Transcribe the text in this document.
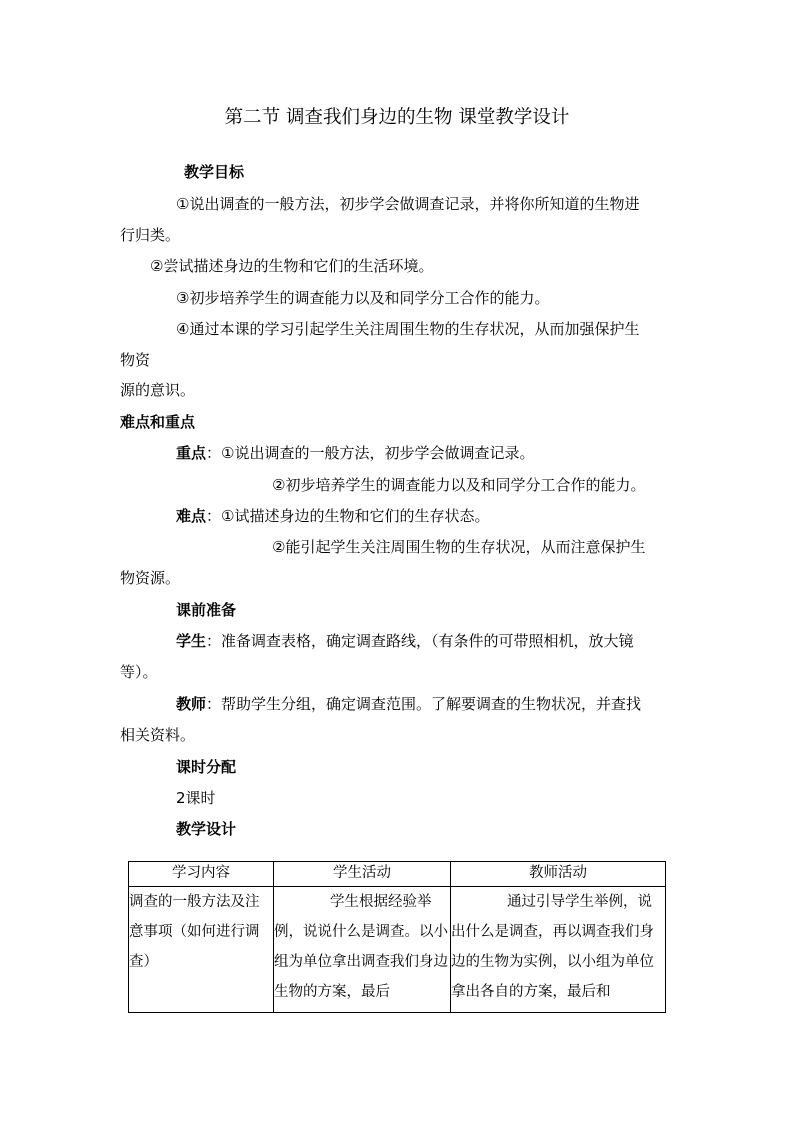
第二节 调查我们身边的生物 课堂教学设计
教学目标
①说出调查的一般方法，初步学会做调查记录，并将你所知道的生物进
行归类。
②尝试描述身边的生物和它们的生活环境。
③初步培养学生的调查能力以及和同学分工合作的能力。
④通过本课的学习引起学生关注周围生物的生存状况，从而加强保护生
物资
源的意识。
难点和重点
重点：①说出调查的一般方法，初步学会做调查记录。
②初步培养学生的调查能力以及和同学分工合作的能力。
难点：①试描述身边的生物和它们的生存状态。
②能引起学生关注周围生物的生存状况，从而注意保护生
物资源。
课前准备
学生：准备调查表格，确定调查路线，（有条件的可带照相机，放大镜
等）。
教师：帮助学生分组，确定调查范围。了解要调查的生物状况，并查找
相关资料。
课时分配
2课时
教学设计
学习内容	学生活动	教师活动

调查的一般方法及注意事项（如何进行调查）	学生根据经验举例，说说什么是调查。以小组为单位拿出调查我们身边生物的方案，最后	通过引导学生举例，说出什么是调查，再以调查我们身边的生物为实例，以小组为单位拿出各自的方案，最后和
